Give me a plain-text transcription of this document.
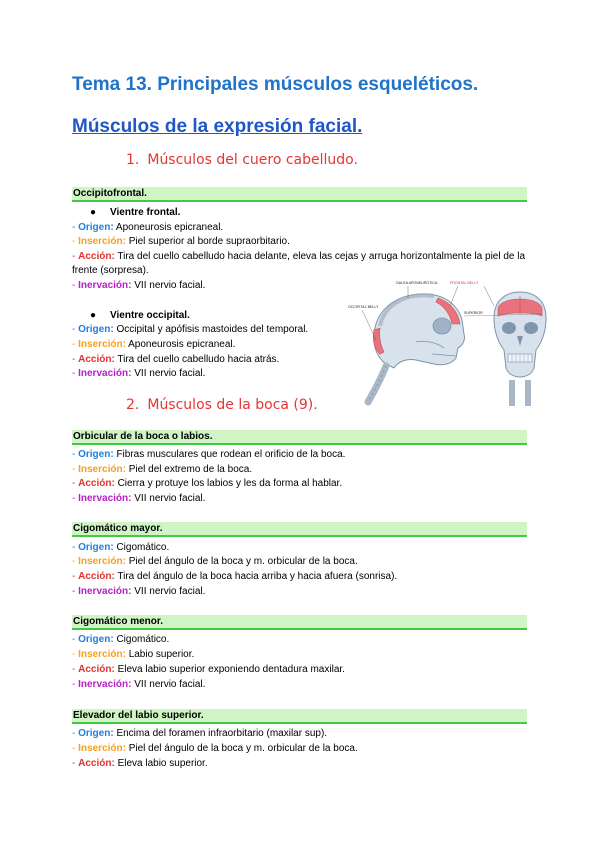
Tema 13. Principales músculos esqueléticos.
Músculos de la expresión facial.
1. Músculos del cuero cabelludo.
Occipitofrontal.
● Vientre frontal.
- Origen: Aponeurosis epicraneal.
- Inserción: Piel superior al borde supraorbitario.
- Acción: Tira del cuello cabelludo hacia delante, eleva las cejas y arruga horizontalmente la piel de la frente (sorpresa).
- Inervación: VII nervio facial.
● Vientre occipital.
- Origen: Occipital y apófisis mastoides del temporal.
- Inserción: Aponeurosis epicraneal.
- Acción: Tira del cuello cabelludo hacia atrás.
- Inervación: VII nervio facial.
OCCIPITAL BELLY
GALEA APONEUROTICA	FRONTAL BELLY
SUPERIOR
2. Músculos de la boca (9).
Orbicular de la boca o labios.
- Origen: Fibras musculares que rodean el orificio de la boca.
- Inserción: Piel del extremo de la boca.
- Acción: Cierra y protuye los labios y les da forma al hablar.
- Inervación: VII nervio facial.
Cigomático mayor.
- Origen: Cigomático.
- Inserción: Piel del ángulo de la boca y m. orbicular de la boca.
- Acción: Tira del ángulo de la boca hacia arriba y hacia afuera (sonrisa).
- Inervación: VII nervio facial.
Cigomático menor.
- Origen: Cigomático.
- Inserción: Labio superior.
- Acción: Eleva labio superior exponiendo dentadura maxilar.
- Inervación: VII nervio facial.
Elevador del labio superior.
- Origen: Encima del foramen infraorbitario (maxilar sup).
- Inserción: Piel del ángulo de la boca y m. orbicular de la boca.
- Acción: Eleva labio superior.
